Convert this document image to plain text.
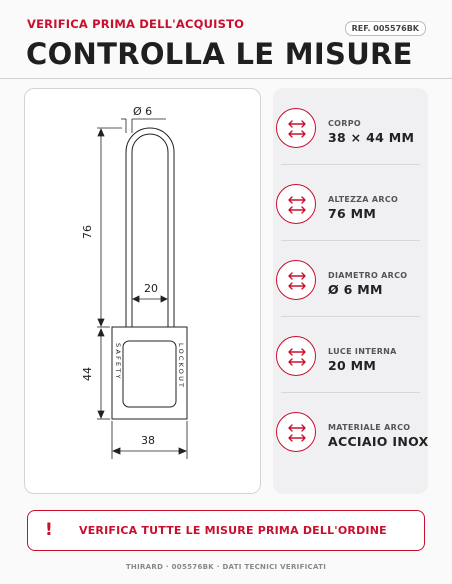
VERIFICA PRIMA DELL'ACQUISTO	REF. 005576BK
CONTROLLA LE MISURE
Ø 6
76
20
44
38
SAFETY	LOCKOUT
CORPO
38 × 44 MM
ALTEZZA ARCO
76 MM
DIAMETRO ARCO
Ø 6 MM
LUCE INTERNA
20 MM
MATERIALE ARCO
ACCIAIO INOX
! VERIFICA TUTTE LE MISURE PRIMA DELL'ORDINE
THIRARD · 005576BK · DATI TECNICI VERIFICATI
